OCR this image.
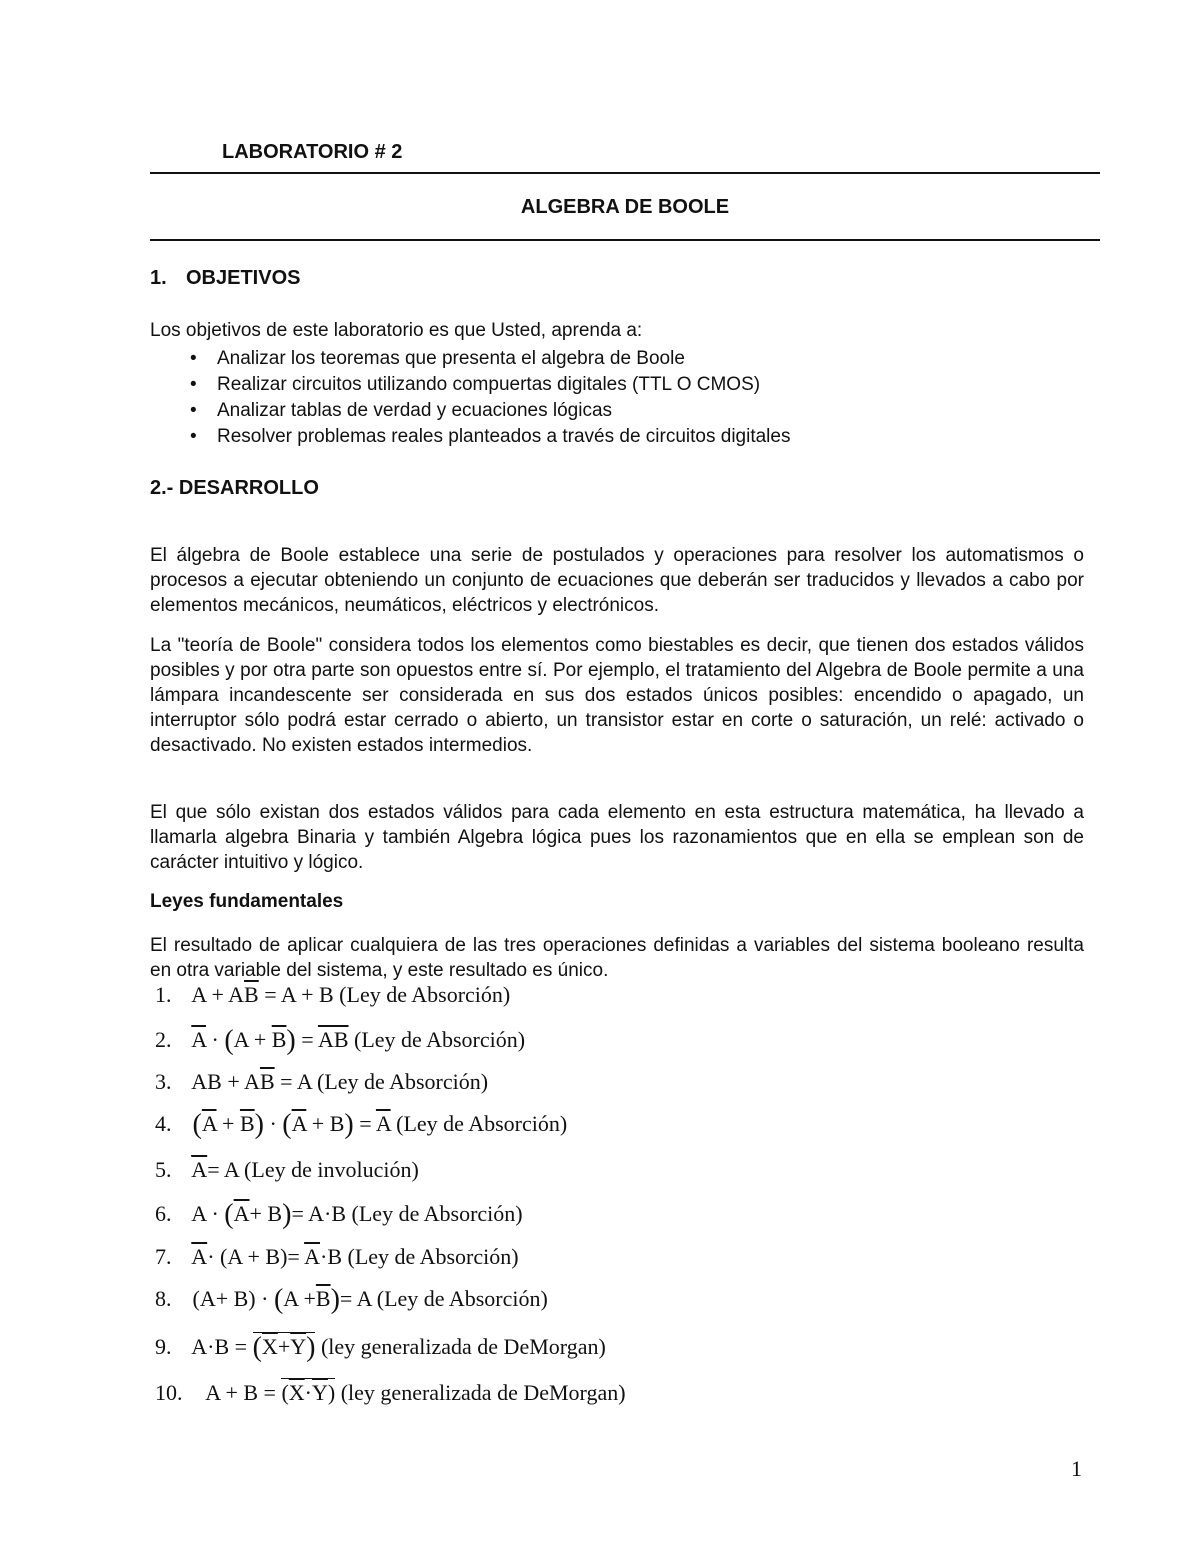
LABORATORIO # 2
ALGEBRA DE BOOLE
1. OBJETIVOS
Los objetivos de este laboratorio es que Usted, aprenda a:
• Analizar los teoremas que presenta el algebra de Boole
• Realizar circuitos utilizando compuertas digitales (TTL O CMOS)
• Analizar tablas de verdad y ecuaciones lógicas
• Resolver problemas reales planteados a través de circuitos digitales
2.- DESARROLLO

El álgebra de Boole establece una serie de postulados y operaciones para resolver los automatismos o procesos a ejecutar obteniendo un conjunto de ecuaciones que deberán ser traducidos y llevados a cabo por elementos mecánicos, neumáticos, eléctricos y electrónicos.

La "teoría de Boole" considera todos los elementos como biestables es decir, que tienen dos estados válidos posibles y por otra parte son opuestos entre sí. Por ejemplo, el tratamiento del Algebra de Boole permite a una lámpara incandescente ser considerada en sus dos estados únicos posibles: encendido o apagado, un interruptor sólo podrá estar cerrado o abierto, un transistor estar en corte o saturación, un relé: activado o desactivado. No existen estados intermedios.

El que sólo existan dos estados válidos para cada elemento en esta estructura matemática, ha llevado a llamarla algebra Binaria y también Algebra lógica pues los razonamientos que en ella se emplean son de carácter intuitivo y lógico.

Leyes fundamentales

El resultado de aplicar cualquiera de las tres operaciones definidas a variables del sistema booleano resulta en otra variable del sistema, y este resultado es único.

1. $A + A\overline{B} = A + B$ (Ley de Absorción)
2. $\overline{A} \cdot (A + \overline{B}) = \overline{AB}$ (Ley de Absorción)
3. AB + $A\overline{B} = A$ (Ley de Absorción)
4. $(\overline{A} + \overline{B}) \cdot (\overline{A} + B) = \overline{A}$ (Ley de Absorción)
5. $\overline{A}= A$ (Ley de involución)
6. $A \cdot (\overline{A}+ B)= A\cdot B$ (Ley de Absorción)
7. $\overline{A}\cdot (A + B)= \overline{A}\cdot B$ (Ley de Absorción)
8. $(A+ B) \cdot (A +\overline{B})= A$ (Ley de Absorción)
9. $A\cdot B = (\overline{X}+\overline{Y})$ (ley generalizada de DeMorgan)
10. $A + B = (\overline{X}\cdot\overline{Y})$ (ley generalizada de DeMorgan)
1
